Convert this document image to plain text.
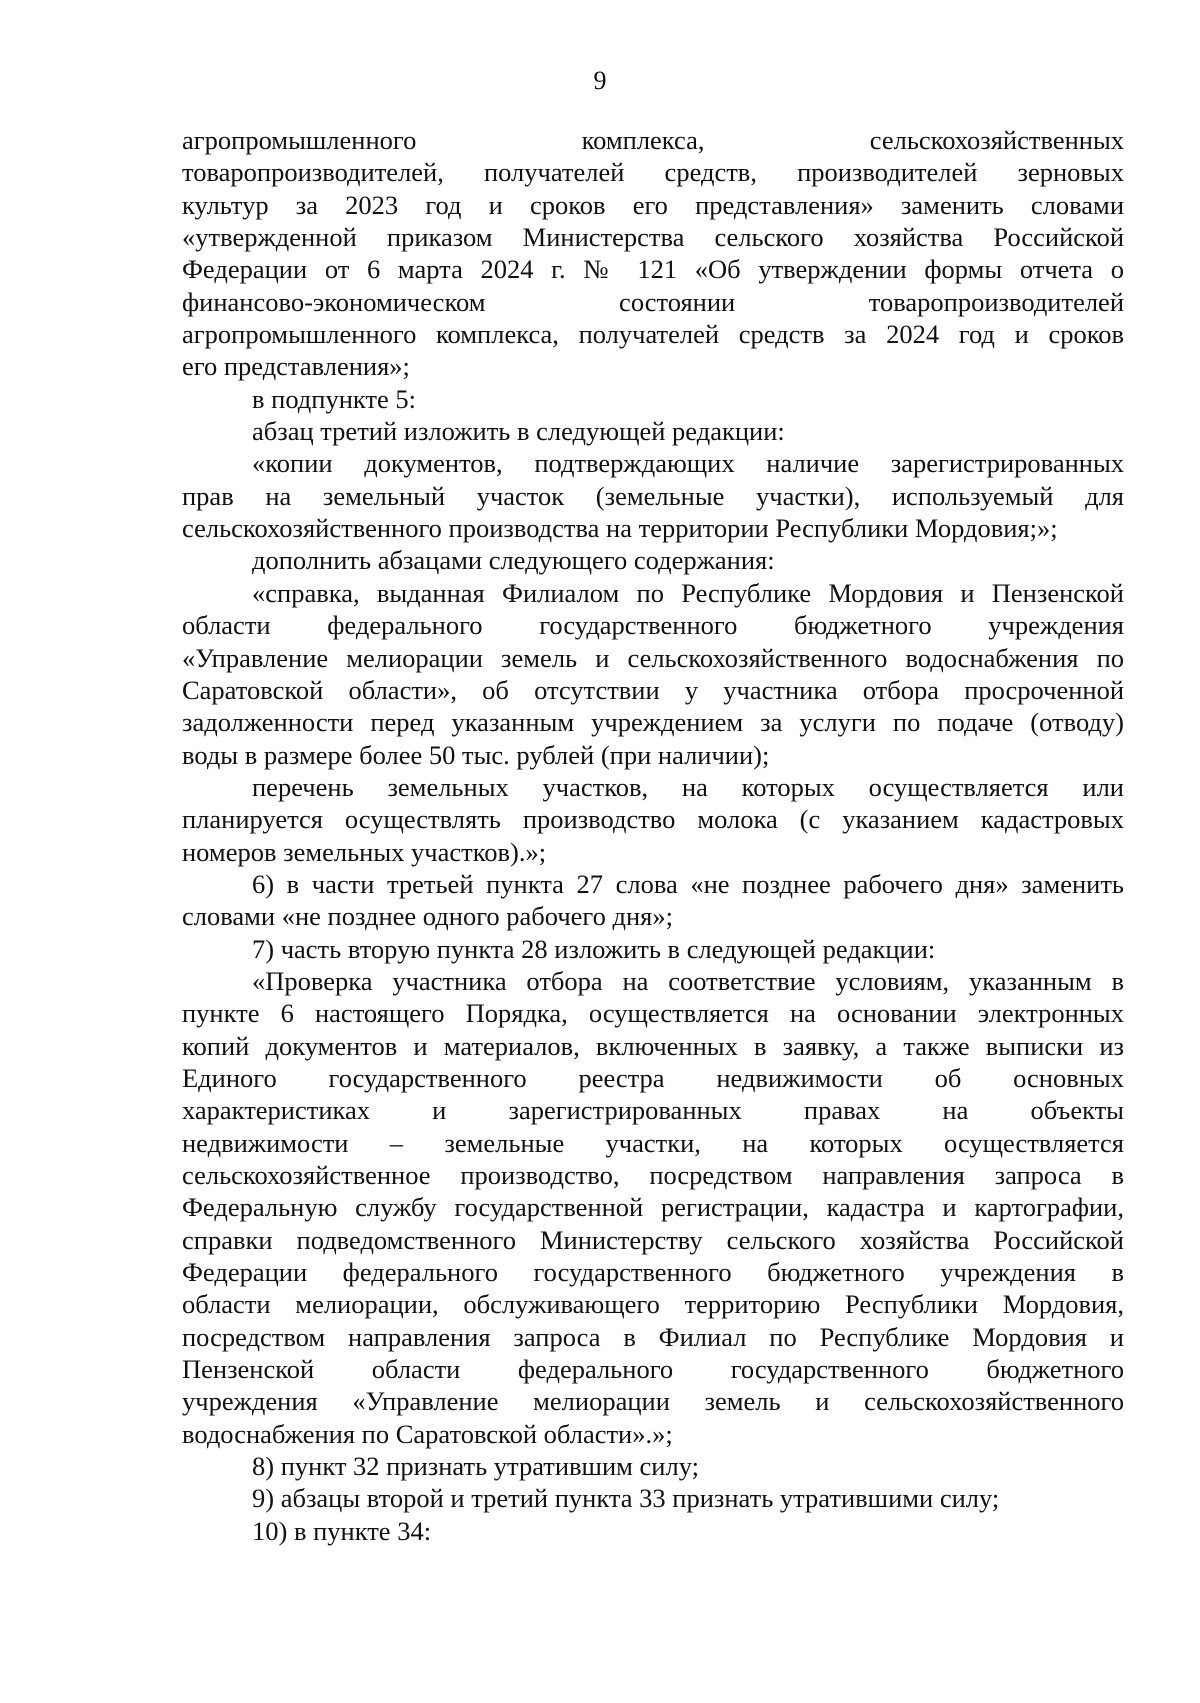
9
агропромышленного комплекса, сельскохозяйственных
товаропроизводителей, получателей средств, производителей зерновых
культур за 2023 год и сроков его представления» заменить словами
«утвержденной приказом Министерства сельского хозяйства Российской
Федерации от 6 марта 2024 г. № 121 «Об утверждении формы отчета о
финансово-экономическом состоянии товаропроизводителей
агропромышленного комплекса, получателей средств за 2024 год и сроков
его представления»;
в подпункте 5:
абзац третий изложить в следующей редакции:
«копии документов, подтверждающих наличие зарегистрированных
прав на земельный участок (земельные участки), используемый для
сельскохозяйственного производства на территории Республики Мордовия;»;
дополнить абзацами следующего содержания:
«справка, выданная Филиалом по Республике Мордовия и Пензенской
области федерального государственного бюджетного учреждения
«Управление мелиорации земель и сельскохозяйственного водоснабжения по
Саратовской области», об отсутствии у участника отбора просроченной
задолженности перед указанным учреждением за услуги по подаче (отводу)
воды в размере более 50 тыс. рублей (при наличии);
перечень земельных участков, на которых осуществляется или
планируется осуществлять производство молока (с указанием кадастровых
номеров земельных участков).»;
6) в части третьей пункта 27 слова «не позднее рабочего дня» заменить
словами «не позднее одного рабочего дня»;
7) часть вторую пункта 28 изложить в следующей редакции:
«Проверка участника отбора на соответствие условиям, указанным в
пункте 6 настоящего Порядка, осуществляется на основании электронных
копий документов и материалов, включенных в заявку, а также выписки из
Единого государственного реестра недвижимости об основных
характеристиках и зарегистрированных правах на объекты
недвижимости – земельные участки, на которых осуществляется
сельскохозяйственное производство, посредством направления запроса в
Федеральную службу государственной регистрации, кадастра и картографии,
справки подведомственного Министерству сельского хозяйства Российской
Федерации федерального государственного бюджетного учреждения в
области мелиорации, обслуживающего территорию Республики Мордовия,
посредством направления запроса в Филиал по Республике Мордовия и
Пензенской области федерального государственного бюджетного
учреждения «Управление мелиорации земель и сельскохозяйственного
водоснабжения по Саратовской области».»;
8) пункт 32 признать утратившим силу;
9) абзацы второй и третий пункта 33 признать утратившими силу;
10) в пункте 34:
